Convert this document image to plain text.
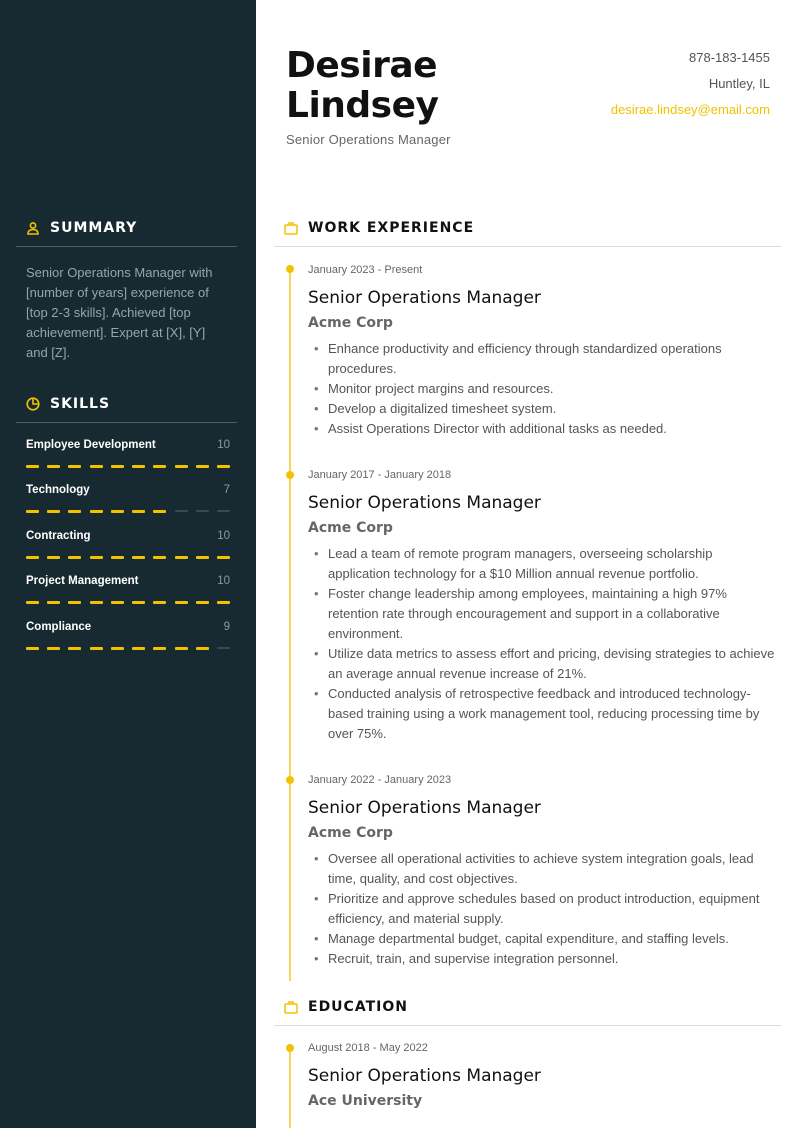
SUMMARY
Senior Operations Manager with [number of years] experience of [top 2-3 skills]. Achieved [top achievement]. Expert at [X], [Y] and [Z].
SKILLS
Employee Development	10
Technology	7
Contracting	10
Project Management	10
Compliance	9
Desirae
Lindsey
Senior Operations Manager
878-183-1455
Huntley, IL
desirae.lindsey@email.com
WORK EXPERIENCE
January 2023 - Present
Senior Operations Manager
Acme Corp
• Enhance productivity and efficiency through standardized operations procedures.
• Monitor project margins and resources.
• Develop a digitalized timesheet system.
• Assist Operations Director with additional tasks as needed.
January 2017 - January 2018
Senior Operations Manager
Acme Corp
• Lead a team of remote program managers, overseeing scholarship application technology for a $10 Million annual revenue portfolio.
• Foster change leadership among employees, maintaining a high 97% retention rate through encouragement and support in a collaborative environment.
• Utilize data metrics to assess effort and pricing, devising strategies to achieve an average annual revenue increase of 21%.
• Conducted analysis of retrospective feedback and introduced technology-based training using a work management tool, reducing processing time by over 75%.
January 2022 - January 2023
Senior Operations Manager
Acme Corp
• Oversee all operational activities to achieve system integration goals, lead time, quality, and cost objectives.
• Prioritize and approve schedules based on product introduction, equipment efficiency, and material supply.
• Manage departmental budget, capital expenditure, and staffing levels.
• Recruit, train, and supervise integration personnel.
EDUCATION
August 2018 - May 2022
Senior Operations Manager
Ace University
